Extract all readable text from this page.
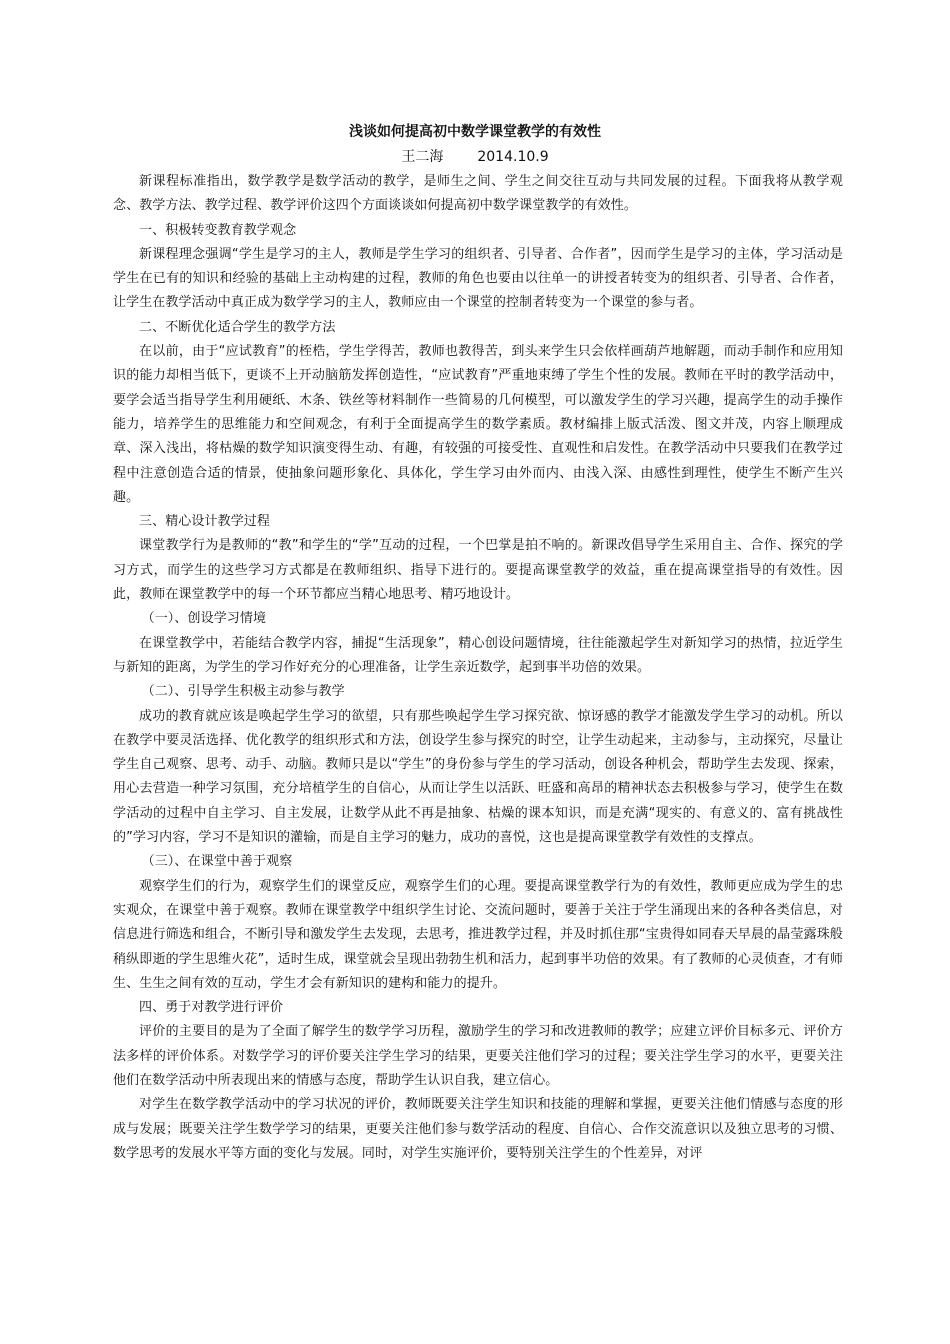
浅谈如何提高初中数学课堂教学的有效性
王二海 2014.10.9

新课程标准指出，数学教学是数学活动的教学，是师生之间、学生之间交往互动与共同发展的过程。下面我将从教学观念、教学方法、教学过程、教学评价这四个方面谈谈如何提高初中数学课堂教学的有效性。

一、积极转变教育教学观念

新课程理念强调“学生是学习的主人，教师是学生学习的组织者、引导者、合作者”，因而学生是学习的主体，学习活动是学生在已有的知识和经验的基础上主动构建的过程，教师的角色也要由以往单一的讲授者转变为的组织者、引导者、合作者，让学生在教学活动中真正成为数学学习的主人，教师应由一个课堂的控制者转变为一个课堂的参与者。

二、不断优化适合学生的教学方法

在以前，由于“应试教育”的桎梏，学生学得苦，教师也教得苦，到头来学生只会依样画葫芦地解题，而动手制作和应用知识的能力却相当低下，更谈不上开动脑筋发挥创造性，“应试教育”严重地束缚了学生个性的发展。教师在平时的教学活动中，要学会适当指导学生利用硬纸、木条、铁丝等材料制作一些简易的几何模型，可以激发学生的学习兴趣，提高学生的动手操作能力，培养学生的思维能力和空间观念，有利于全面提高学生的数学素质。教材编排上版式活泼、图文并茂，内容上顺理成章、深入浅出，将枯燥的数学知识演变得生动、有趣，有较强的可接受性、直观性和启发性。在教学活动中只要我们在教学过程中注意创造合适的情景，使抽象问题形象化、具体化，学生学习由外而内、由浅入深、由感性到理性，使学生不断产生兴趣。

三、精心设计教学过程

课堂教学行为是教师的“教”和学生的“学”互动的过程，一个巴掌是拍不响的。新课改倡导学生采用自主、合作、探究的学习方式，而学生的这些学习方式都是在教师组织、指导下进行的。要提高课堂教学的效益，重在提高课堂指导的有效性。因此，教师在课堂教学中的每一个环节都应当精心地思考、精巧地设计。

（一）、创设学习情境

在课堂教学中，若能结合教学内容，捕捉“生活现象”，精心创设问题情境，往往能激起学生对新知学习的热情，拉近学生与新知的距离，为学生的学习作好充分的心理准备，让学生亲近数学，起到事半功倍的效果。

（二）、引导学生积极主动参与教学

成功的教育就应该是唤起学生学习的欲望，只有那些唤起学生学习探究欲、惊讶感的教学才能激发学生学习的动机。所以在教学中要灵活选择、优化教学的组织形式和方法，创设学生参与探究的时空，让学生动起来，主动参与，主动探究，尽量让学生自己观察、思考、动手、动脑。教师只是以“学生”的身份参与学生的学习活动，创设各种机会，帮助学生去发现、探索，用心去营造一种学习氛围，充分培植学生的自信心，从而让学生以活跃、旺盛和高昂的精神状态去积极参与学习，使学生在数学活动的过程中自主学习、自主发展，让数学从此不再是抽象、枯燥的课本知识，而是充满“现实的、有意义的、富有挑战性的”学习内容，学习不是知识的灌输，而是自主学习的魅力，成功的喜悦，这也是提高课堂教学有效性的支撑点。

（三）、在课堂中善于观察

观察学生们的行为，观察学生们的课堂反应，观察学生们的心理。要提高课堂教学行为的有效性，教师更应成为学生的忠实观众，在课堂中善于观察。教师在课堂教学中组织学生讨论、交流问题时，要善于关注于学生涌现出来的各种各类信息，对信息进行筛选和组合，不断引导和激发学生去发现，去思考，推进教学过程，并及时抓住那“宝贵得如同春天早晨的晶莹露珠般稍纵即逝的学生思维火花”，适时生成，课堂就会呈现出勃勃生机和活力，起到事半功倍的效果。有了教师的心灵侦查，才有师生、生生之间有效的互动，学生才会有新知识的建构和能力的提升。

四、勇于对教学进行评价

评价的主要目的是为了全面了解学生的数学学习历程，激励学生的学习和改进教师的教学；应建立评价目标多元、评价方法多样的评价体系。对数学学习的评价要关注学生学习的结果，更要关注他们学习的过程；要关注学生学习的水平，更要关注他们在数学活动中所表现出来的情感与态度，帮助学生认识自我，建立信心。

对学生在数学教学活动中的学习状况的评价，教师既要关注学生知识和技能的理解和掌握，更要关注他们情感与态度的形成与发展；既要关注学生数学学习的结果，更要关注他们参与数学活动的程度、自信心、合作交流意识以及独立思考的习惯、数学思考的发展水平等方面的变化与发展。同时，对学生实施评价，要特别关注学生的个性差异，对评
